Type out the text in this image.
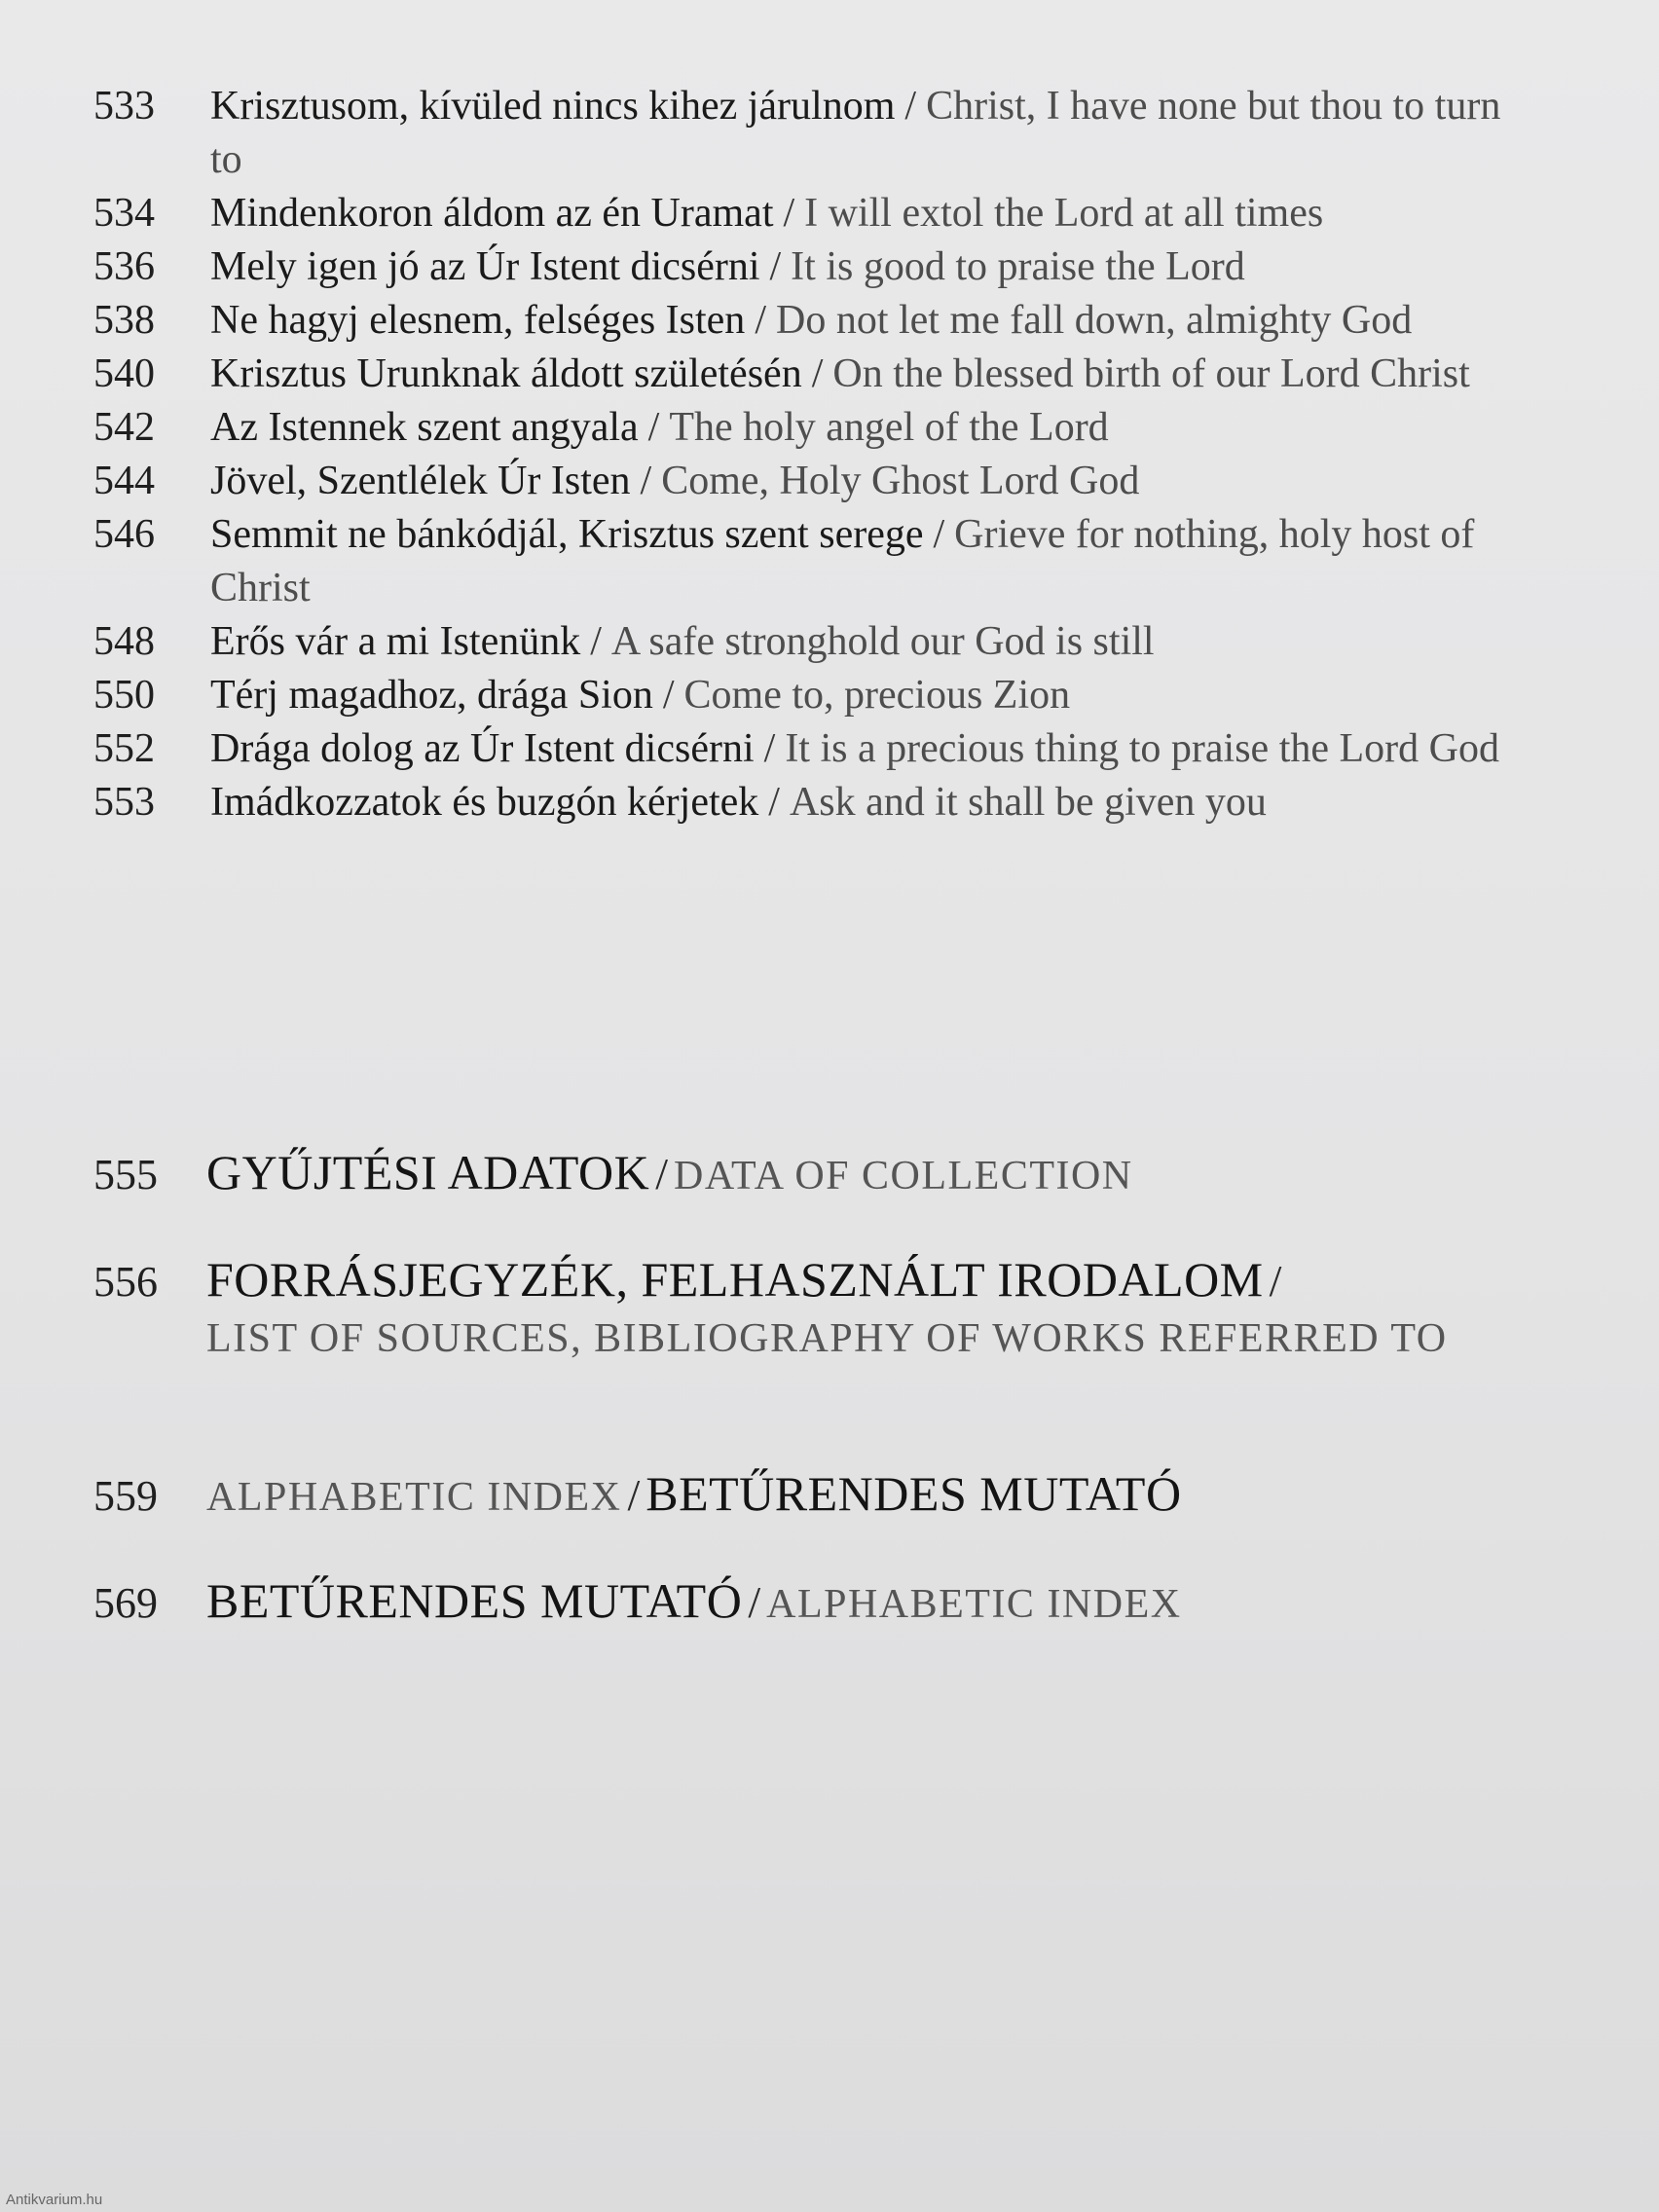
533	Krisztusom, kívüled nincs kihez járulnom / Christ, I have none but thou to turn to
534	Mindenkoron áldom az én Uramat / I will extol the Lord at all times
536	Mely igen jó az Úr Istent dicsérni / It is good to praise the Lord
538	Ne hagyj elesnem, felséges Isten / Do not let me fall down, almighty God
540	Krisztus Urunknak áldott születésén / On the blessed birth of our Lord Christ
542	Az Istennek szent angyala / The holy angel of the Lord
544	Jövel, Szentlélek Úr Isten / Come, Holy Ghost Lord God
546	Semmit ne bánkódjál, Krisztus szent serege / Grieve for nothing, holy host of Christ
548	Erős vár a mi Istenünk / A safe stronghold our God is still
550	Térj magadhoz, drága Sion / Come to, precious Zion
552	Drága dolog az Úr Istent dicsérni / It is a precious thing to praise the Lord God
553	Imádkozzatok és buzgón kérjetek / Ask and it shall be given you
555 GYŰJTÉSI ADATOK / DATA OF COLLECTION
556 FORRÁSJEGYZÉK, FELHASZNÁLT IRODALOM /
LIST OF SOURCES, BIBLIOGRAPHY OF WORKS REFERRED TO
559 ALPHABETIC INDEX / BETŰRENDES MUTATÓ
569 BETŰRENDES MUTATÓ / ALPHABETIC INDEX
Antikvarium.hu
